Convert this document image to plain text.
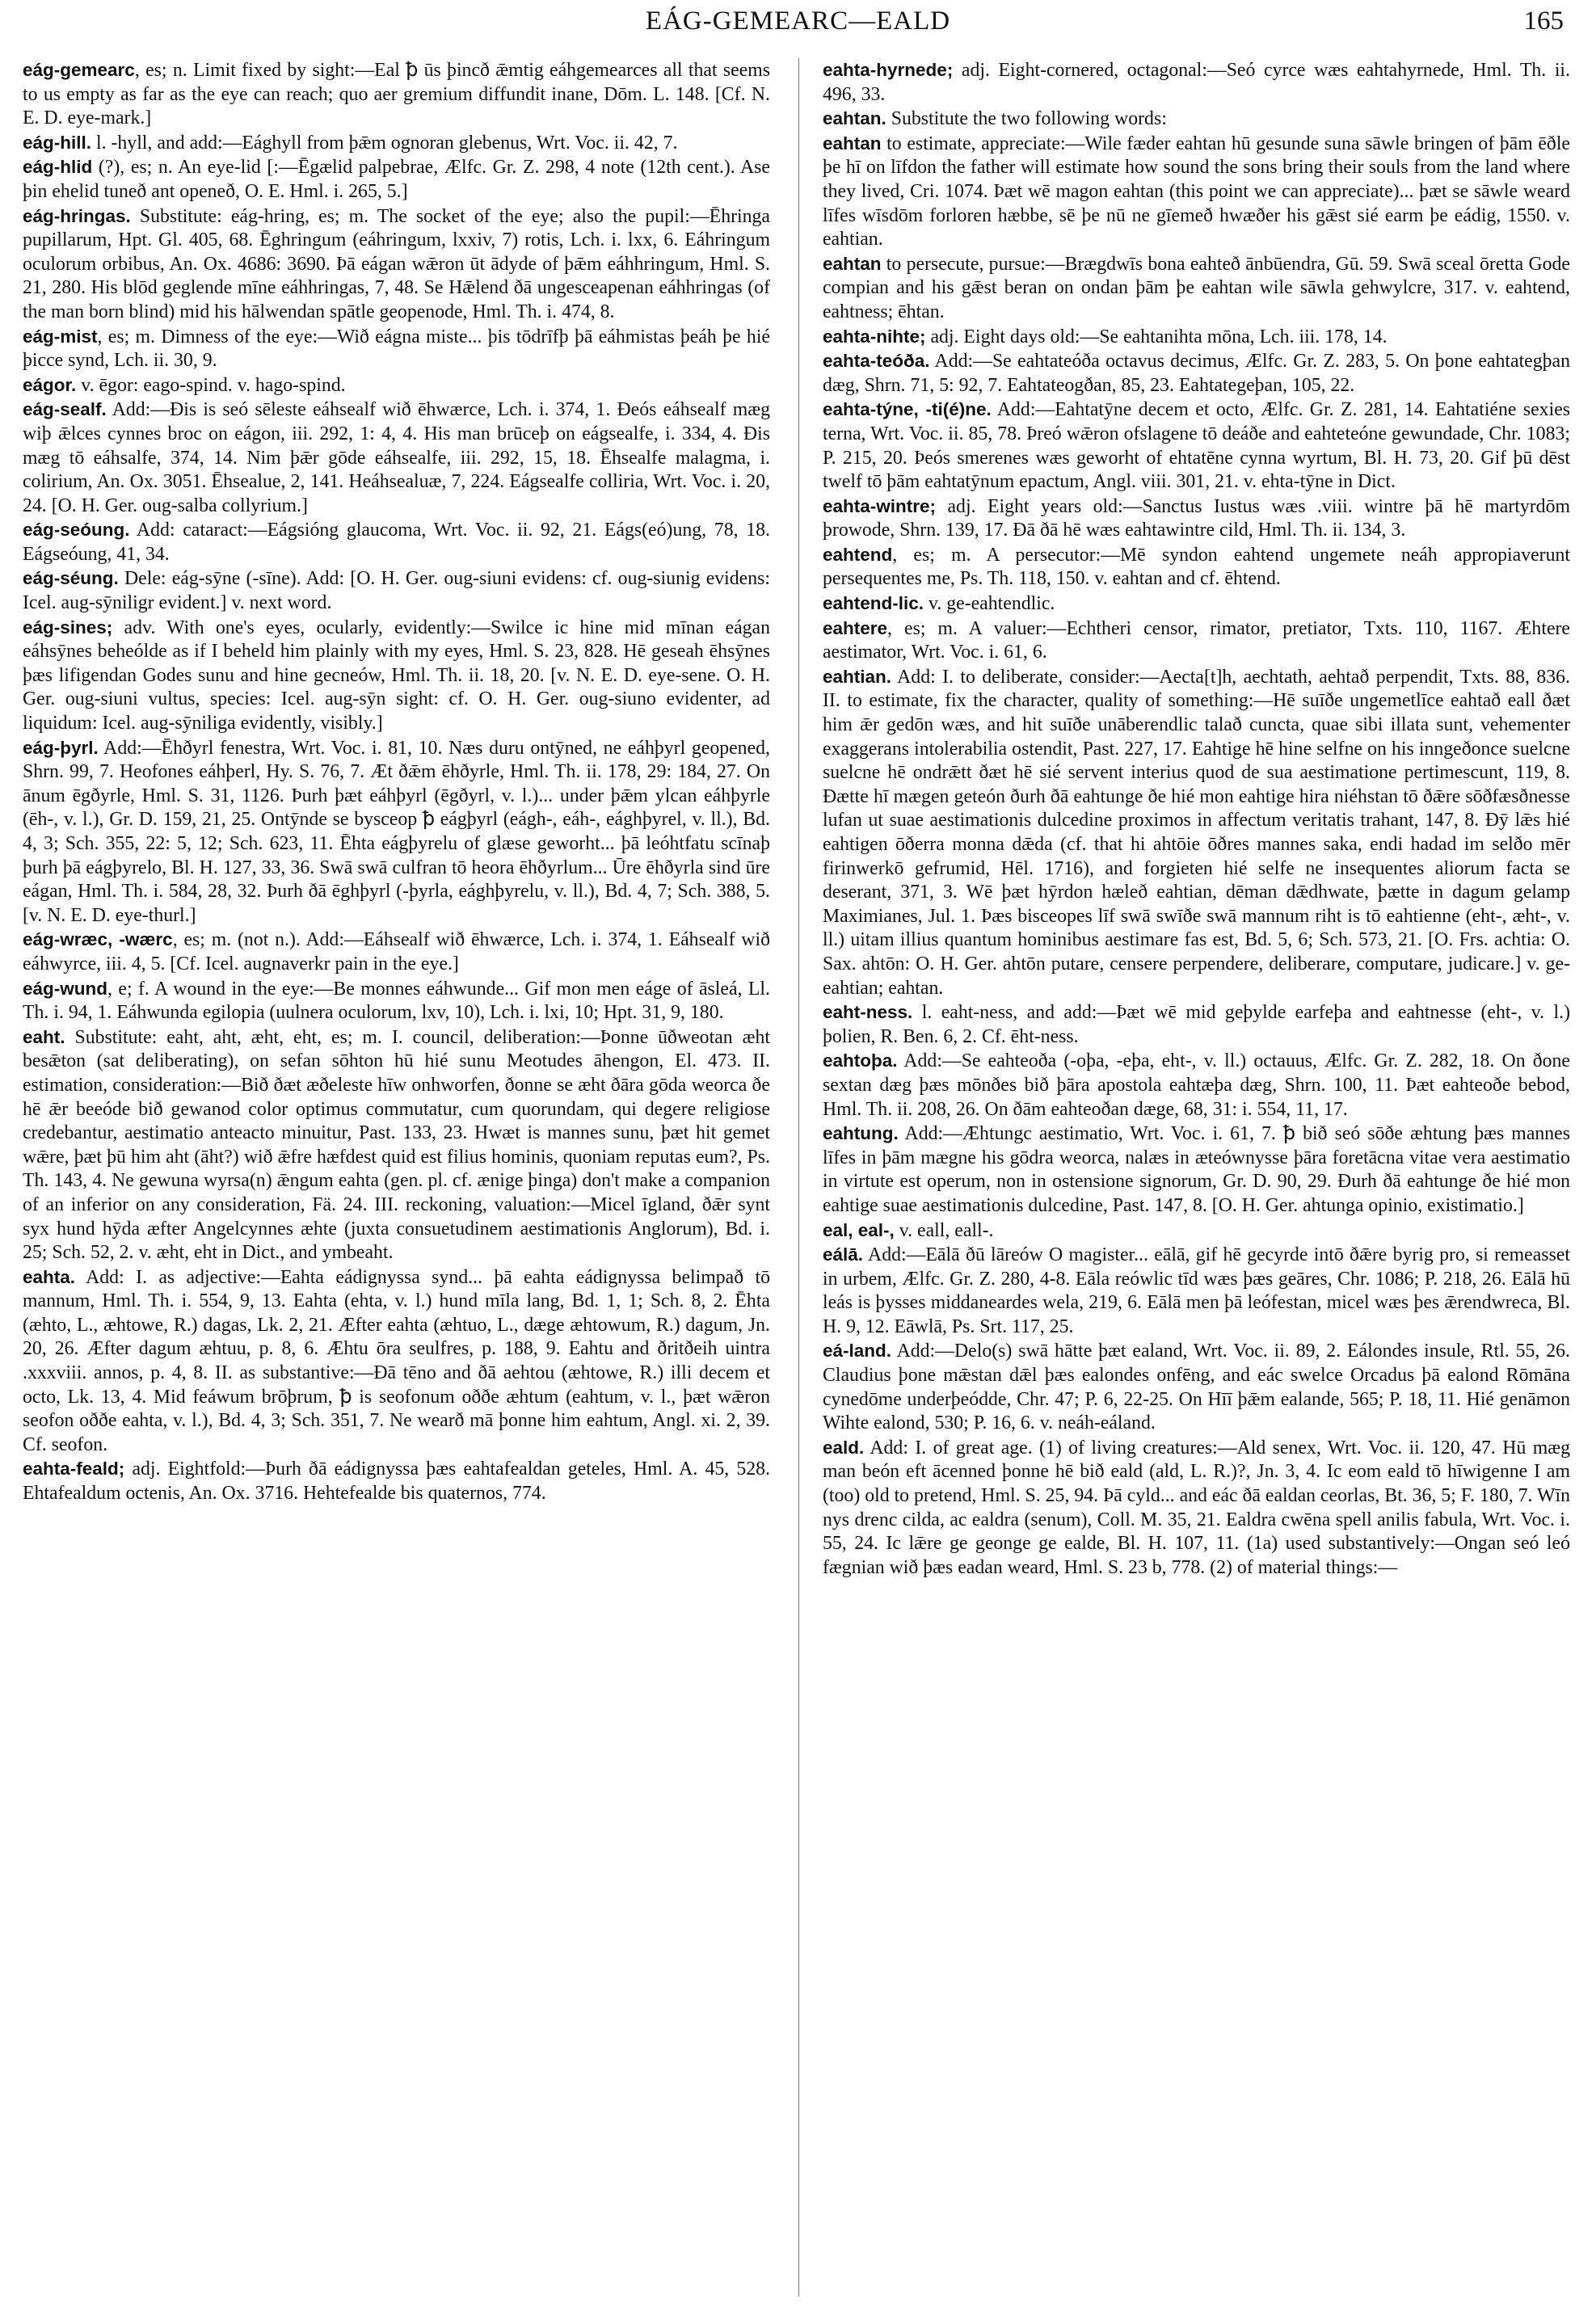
EÁG-GEMEARC—EALD	165

eág-gemearc, es; n. Limit fixed by sight:—Eal ꝥ ūs þincð ǣmtig eáhgemearces all that seems to us empty as far as the eye can reach; quo aer gremium diffundit inane, Dōm. L. 148. [Cf. N. E. D. eye-mark.]

eág-hill. l. -hyll, and add:—Eághyll from þǣm ognoran glebenus, Wrt. Voc. ii. 42, 7.

eág-hlid (?), es; n. An eye-lid [:—Ēgælid palpebrae, Ælfc. Gr. Z. 298, 4 note (12th cent.). Ase þin ehelid tuneð ant openeð, O. E. Hml. i. 265, 5.]

eág-hringas. Substitute: eág-hring, es; m. The socket of the eye; also the pupil:—Ēhringa pupillarum, Hpt. Gl. 405, 68. Ēghringum (eáhringum, lxxiv, 7) rotis, Lch. i. lxx, 6. Eáhringum oculorum orbibus, An. Ox. 4686: 3690. Þā eágan wǣron ūt ādyde of þǣm eáhhringum, Hml. S. 21, 280. His blōd geglende mīne eáhhringas, 7, 48. Se Hǣlend ðā ungesceapenan eáhhringas (of the man born blind) mid his hālwendan spātle geopenode, Hml. Th. i. 474, 8.

eág-mist, es; m. Dimness of the eye:—Wið eágna miste... þis tōdrīfþ þā eáhmistas þeáh þe hié þicce synd, Lch. ii. 30, 9.

eágor. v. ēgor: eago-spind. v. hago-spind.

eág-sealf. Add:—Ðis is seó sēleste eáhsealf wið ēhwærce, Lch. i. 374, 1. Ðeós eáhsealf mæg wiþ ǣlces cynnes broc on eágon, iii. 292, 1: 4, 4. His man brūceþ on eágsealfe, i. 334, 4. Ðis mæg tō eáhsalfe, 374, 14. Nim þǣr gōde eáhsealfe, iii. 292, 15, 18. Ēhsealfe malagma, i. colirium, An. Ox. 3051. Ēhsealue, 2, 141. Heáhsealuæ, 7, 224. Eágsealfe colliria, Wrt. Voc. i. 20, 24. [O. H. Ger. oug-salba collyrium.]

eág-seóung. Add: cataract:—Eágsióng glaucoma, Wrt. Voc. ii. 92, 21. Eágs(eó)ung, 78, 18. Eágseóung, 41, 34.

eág-séung. Dele: eág-sȳne (-sīne). Add: [O. H. Ger. oug-siuni evidens: cf. oug-siunig evidens: Icel. aug-sȳniligr evident.] v. next word.

eág-sines; adv. With one's eyes, ocularly, evidently:—Swilce ic hine mid mīnan eágan eáhsȳnes beheólde as if I beheld him plainly with my eyes, Hml. S. 23, 828. Hē geseah ēhsȳnes þæs lifigendan Godes sunu and hine gecneów, Hml. Th. ii. 18, 20. [v. N. E. D. eye-sene. O. H. Ger. oug-siuni vultus, species: Icel. aug-sȳn sight: cf. O. H. Ger. oug-siuno evidenter, ad liquidum: Icel. aug-sȳniliga evidently, visibly.]

eág-þyrl. Add:—Ēhðyrl fenestra, Wrt. Voc. i. 81, 10. Næs duru ontȳned, ne eáhþyrl geopened, Shrn. 99, 7. Heofones eáhþerl, Hy. S. 76, 7. Æt ðǣm ēhðyrle, Hml. Th. ii. 178, 29: 184, 27. On ānum ēgðyrle, Hml. S. 31, 1126. Þurh þæt eáhþyrl (ēgðyrl, v. l.)... under þǣm ylcan eáhþyrle (ēh-, v. l.), Gr. D. 159, 21, 25. Ontȳnde se bysceop ꝥ eágþyrl (eágh-, eáh-, eághþyrel, v. ll.), Bd. 4, 3; Sch. 355, 22: 5, 12; Sch. 623, 11. Ēhta eágþyrelu of glæse geworht... þā leóhtfatu scīnaþ þurh þā eágþyrelo, Bl. H. 127, 33, 36. Swā swā culfran tō heora ēhðyrlum... Ūre ēhðyrla sind ūre eágan, Hml. Th. i. 584, 28, 32. Þurh ðā ēghþyrl (-þyrla, eághþyrelu, v. ll.), Bd. 4, 7; Sch. 388, 5. [v. N. E. D. eye-thurl.]

eág-wræc, -wærc, es; m. (not n.). Add:—Eáhsealf wið ēhwærce, Lch. i. 374, 1. Eáhsealf wið eáhwyrce, iii. 4, 5. [Cf. Icel. augnaverkr pain in the eye.]

eág-wund, e; f. A wound in the eye:—Be monnes eáhwunde... Gif mon men eáge of āsleá, Ll. Th. i. 94, 1. Eáhwunda egilopia (uulnera oculorum, lxv, 10), Lch. i. lxi, 10; Hpt. 31, 9, 180.

eaht. Substitute: eaht, aht, æht, eht, es; m. I. council, deliberation:—Þonne ūðweotan æht besǣton (sat deliberating), on sefan sōhton hū hié sunu Meotudes āhengon, El. 473. II. estimation, consideration:—Bið ðæt æðeleste hīw onhworfen, ðonne se æht ðāra gōda weorca ðe hē ǣr beeóde bið gewanod color optimus commutatur, cum quorundam, qui degere religiose credebantur, aestimatio anteacto minuitur, Past. 133, 23. Hwæt is mannes sunu, þæt hit gemet wǣre, þæt þū him aht (āht?) wið ǣfre hæfdest quid est filius hominis, quoniam reputas eum?, Ps. Th. 143, 4. Ne gewuna wyrsa(n) ǣngum eahta (gen. pl. cf. ænige þinga) don't make a companion of an inferior on any consideration, Fä. 24. III. reckoning, valuation:—Micel īgland, ðǣr synt syx hund hȳda æfter Angelcynnes æhte (juxta consuetudinem aestimationis Anglorum), Bd. i. 25; Sch. 52, 2. v. æht, eht in Dict., and ymbeaht.

eahta. Add: I. as adjective:—Eahta eádignyssa synd... þā eahta eádignyssa belimpað tō mannum, Hml. Th. i. 554, 9, 13. Eahta (ehta, v. l.) hund mīla lang, Bd. 1, 1; Sch. 8, 2. Ēhta (æhto, L., æhtowe, R.) dagas, Lk. 2, 21. Æfter eahta (æhtuo, L., dæge æhtowum, R.) dagum, Jn. 20, 26. Æfter dagum æhtuu, p. 8, 6. Æhtu ōra seulfres, p. 188, 9. Eahtu and ðritðeih uintra .xxxviii. annos, p. 4, 8. II. as substantive:—Ðā tēno and ðā aehtou (æhtowe, R.) illi decem et octo, Lk. 13, 4. Mid feáwum brōþrum, ꝥ is seofonum oððe æhtum (eahtum, v. l., þæt wǣron seofon oððe eahta, v. l.), Bd. 4, 3; Sch. 351, 7. Ne wearð mā þonne him eahtum, Angl. xi. 2, 39. Cf. seofon.

eahta-feald; adj. Eightfold:—Þurh ðā eádignyssa þæs eahtafealdan geteles, Hml. A. 45, 528. Ehtafealdum octenis, An. Ox. 3716. Hehtefealde bis quaternos, 774.

eahta-hyrnede; adj. Eight-cornered, octagonal:—Seó cyrce wæs eahtahyrnede, Hml. Th. ii. 496, 33.

eahtan. Substitute the two following words:

eahtan to estimate, appreciate:—Wile fæder eahtan hū gesunde suna sāwle bringen of þām ēðle þe hī on līfdon the father will estimate how sound the sons bring their souls from the land where they lived, Cri. 1074. Þæt wē magon eahtan (this point we can appreciate)... þæt se sāwle weard līfes wīsdōm forloren hæbbe, sē þe nū ne gīemeð hwæðer his gǣst sié earm þe eádig, 1550. v. eahtian.

eahtan to persecute, pursue:—Brægdwīs bona eahteð ānbūendra, Gū. 59. Swā sceal ōretta Gode compian and his gǣst beran on ondan þām þe eahtan wile sāwla gehwylcre, 317. v. eahtend, eahtness; ēhtan.

eahta-nihte; adj. Eight days old:—Se eahtanihta mōna, Lch. iii. 178, 14.

eahta-teóða. Add:—Se eahtateóða octavus decimus, Ælfc. Gr. Z. 283, 5. On þone eahtategþan dæg, Shrn. 71, 5: 92, 7. Eahtateogðan, 85, 23. Eahtategeþan, 105, 22.

eahta-týne, -ti(é)ne. Add:—Eahtatȳne decem et octo, Ælfc. Gr. Z. 281, 14. Eahtatiéne sexies terna, Wrt. Voc. ii. 85, 78. Þreó wǣron ofslagene tō deáðe and eahteteóne gewundade, Chr. 1083; P. 215, 20. Þeós smerenes wæs geworht of ehtatēne cynna wyrtum, Bl. H. 73, 20. Gif þū dēst twelf tō þām eahtatȳnum epactum, Angl. viii. 301, 21. v. ehta-tȳne in Dict.

eahta-wintre; adj. Eight years old:—Sanctus Iustus wæs .viii. wintre þā hē martyrdōm þrowode, Shrn. 139, 17. Ðā ðā hē wæs eahtawintre cild, Hml. Th. ii. 134, 3.

eahtend, es; m. A persecutor:—Mē syndon eahtend ungemete neáh appropiaverunt persequentes me, Ps. Th. 118, 150. v. eahtan and cf. ēhtend.

eahtend-lic. v. ge-eahtendlic.

eahtere, es; m. A valuer:—Echtheri censor, rimator, pretiator, Txts. 110, 1167. Æhtere aestimator, Wrt. Voc. i. 61, 6.

eahtian. Add: I. to deliberate, consider:—Aecta[t]h, aechtath, aehtað perpendit, Txts. 88, 836. II. to estimate, fix the character, quality of something:—Hē suīðe ungemetlīce eahtað eall ðæt him ǣr gedōn wæs, and hit suīðe unāberendlic talað cuncta, quae sibi illata sunt, vehementer exaggerans intolerabilia ostendit, Past. 227, 17. Eahtige hē hine selfne on his inngeðonce suelcne suelcne hē ondrǣtt ðæt hē sié servent interius quod de sua aestimatione pertimescunt, 119, 8. Ðætte hī mægen geteón ðurh ðā eahtunge ðe hié mon eahtige hira niéhstan tō ðǣre sōðfæsðnesse lufan ut suae aestimationis dulcedine proximos in affectum veritatis trahant, 147, 8. Ðȳ lǣs hié eahtigen ōðerra monna dǣda (cf. that hi ahtōie ōðres mannes saka, endi hadad im selðo mēr firinwerkō gefrumid, Hēl. 1716), and forgieten hié selfe ne insequentes aliorum facta se deserant, 371, 3. Wē þæt hȳrdon hæleð eahtian, dēman dǣdhwate, þætte in dagum gelamp Maximianes, Jul. 1. Þæs bisceopes līf swā swīðe swā mannum riht is tō eahtienne (eht-, æht-, v. ll.) uitam illius quantum hominibus aestimare fas est, Bd. 5, 6; Sch. 573, 21. [O. Frs. achtia: O. Sax. ahtōn: O. H. Ger. ahtōn putare, censere perpendere, deliberare, computare, judicare.] v. ge-eahtian; eahtan.

eaht-ness. l. eaht-ness, and add:—Þæt wē mid geþylde earfeþa and eahtnesse (eht-, v. l.) þolien, R. Ben. 6, 2. Cf. ēht-ness.

eahtoþa. Add:—Se eahteoða (-oþa, -eþa, eht-, v. ll.) octauus, Ælfc. Gr. Z. 282, 18. On ðone sextan dæg þæs mōnðes bið þāra apostola eahtæþa dæg, Shrn. 100, 11. Þæt eahteoðe bebod, Hml. Th. ii. 208, 26. On ðām eahteoðan dæge, 68, 31: i. 554, 11, 17.

eahtung. Add:—Æhtungc aestimatio, Wrt. Voc. i. 61, 7. ꝥ bið seó sōðe æhtung þæs mannes līfes in þām mægne his gōdra weorca, nalæs in æteównysse þāra foretācna vitae vera aestimatio in virtute est operum, non in ostensione signorum, Gr. D. 90, 29. Ðurh ðā eahtunge ðe hié mon eahtige suae aestimationis dulcedine, Past. 147, 8. [O. H. Ger. ahtunga opinio, existimatio.]

eal, eal-, v. eall, eall-.

eálā. Add:—Eālā ðū lāreów O magister... eālā, gif hē gecyrde intō ðǣre byrig pro, si remeasset in urbem, Ælfc. Gr. Z. 280, 4-8. Eāla reówlic tīd wæs þæs geāres, Chr. 1086; P. 218, 26. Eālā hū leás is þysses middaneardes wela, 219, 6. Eālā men þā leófestan, micel wæs þes ǣrendwreca, Bl. H. 9, 12. Eāwlā, Ps. Srt. 117, 25.

eá-land. Add:—Delo(s) swā hātte þæt ealand, Wrt. Voc. ii. 89, 2. Eálondes insule, Rtl. 55, 26. Claudius þone mǣstan dǣl þæs ealondes onfēng, and eác swelce Orcadus þā ealond Rōmāna cynedōme underþeódde, Chr. 47; P. 6, 22-25. On Hīī þǣm ealande, 565; P. 18, 11. Hié genāmon Wihte ealond, 530; P. 16, 6. v. neáh-eáland.

eald. Add: I. of great age. (1) of living creatures:—Ald senex, Wrt. Voc. ii. 120, 47. Hū mæg man beón eft ācenned þonne hē bið eald (ald, L. R.)?, Jn. 3, 4. Ic eom eald tō hīwigenne I am (too) old to pretend, Hml. S. 25, 94. Þā cyld... and eác ðā ealdan ceorlas, Bt. 36, 5; F. 180, 7. Wīn nys drenc cilda, ac ealdra (senum), Coll. M. 35, 21. Ealdra cwēna spell anilis fabula, Wrt. Voc. i. 55, 24. Ic lǣre ge geonge ge ealde, Bl. H. 107, 11. (1a) used substantively:—Ongan seó leó fægnian wið þæs eadan weard, Hml. S. 23 b, 778. (2) of material things:—
